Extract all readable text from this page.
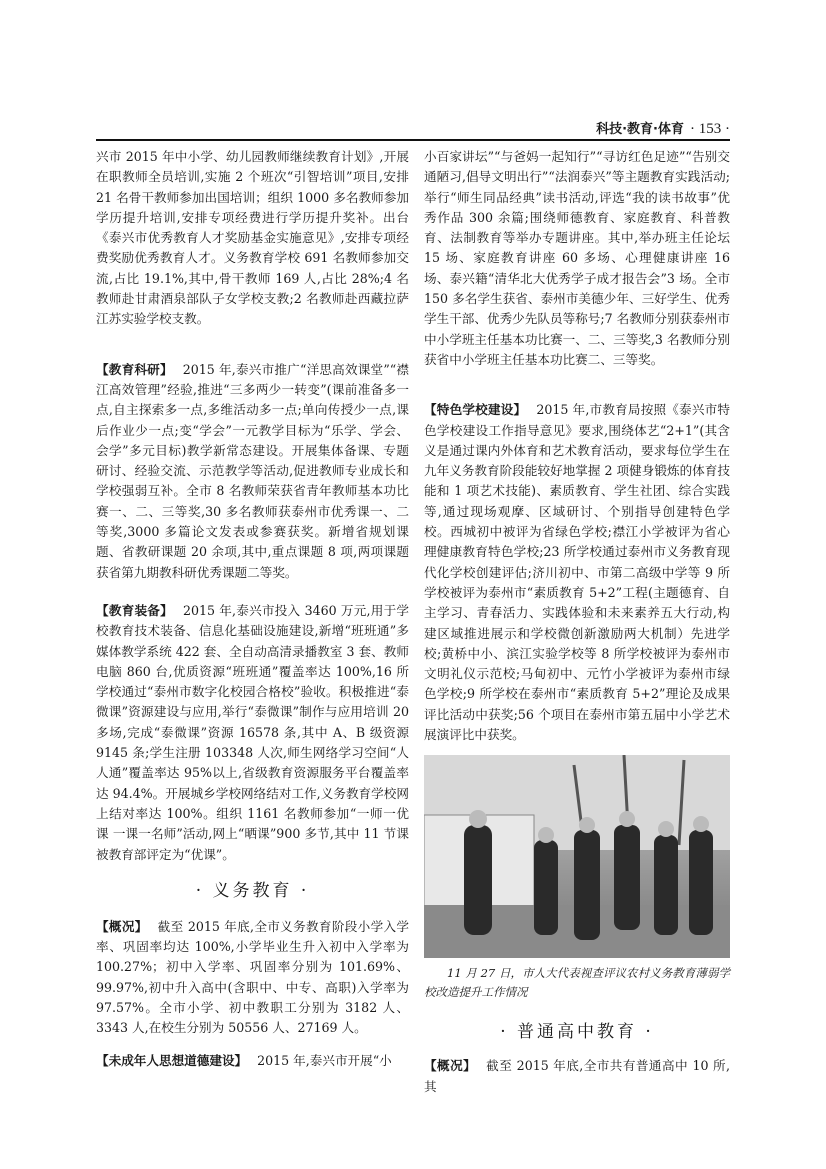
科技·教育·体育 · 153 ·

兴市 2015 年中小学、幼儿园教师继续教育计划》,开展在职教师全员培训,实施 2 个班次“引智培训”项目,安排 21 名骨干教师参加出国培训；组织 1000 多名教师参加学历提升培训,安排专项经费进行学历提升奖补。出台《泰兴市优秀教育人才奖励基金实施意见》,安排专项经费奖励优秀教育人才。义务教育学校 691 名教师参加交流,占比 19.1%,其中,骨干教师 169 人,占比 28%;4 名教师赴甘肃酒泉部队子女学校支教;2 名教师赴西藏拉萨江苏实验学校支教。

【教育科研】 2015 年,泰兴市推广“洋思高效课堂”“襟江高效管理”经验,推进“三多两少一转变”(课前准备多一点,自主探索多一点,多维活动多一点;单向传授少一点,课后作业少一点;变“学会”一元教学目标为“乐学、学会、会学”多元目标)教学新常态建设。开展集体备课、专题研讨、经验交流、示范教学等活动,促进教师专业成长和学校强弱互补。全市 8 名教师荣获省青年教师基本功比赛一、二、三等奖,30 多名教师获泰州市优秀课一、二等奖,3000 多篇论文发表或参赛获奖。新增省规划课题、省教研课题 20 余项,其中,重点课题 8 项,两项课题获省第九期教科研优秀课题二等奖。

【教育装备】 2015 年,泰兴市投入 3460 万元,用于学校教育技术装备、信息化基础设施建设,新增“班班通”多媒体教学系统 422 套、全自动高清录播教室 3 套、教师电脑 860 台,优质资源“班班通”覆盖率达 100%,16 所学校通过“泰州市数字化校园合格校”验收。积极推进“泰微课”资源建设与应用,举行“泰微课”制作与应用培训 20 多场,完成“泰微课”资源 16578 条,其中 A、B 级资源 9145 条;学生注册 103348 人次,师生网络学习空间“人人通”覆盖率达 95%以上,省级教育资源服务平台覆盖率达 94.4%。开展城乡学校网络结对工作,义务教育学校网上结对率达 100%。组织 1161 名教师参加“一师一优课 一课一名师”活动,网上“晒课”900 多节,其中 11 节课被教育部评定为“优课”。

· 义务教育 ·

【概况】 截至 2015 年底,全市义务教育阶段小学入学率、巩固率均达 100%,小学毕业生升入初中入学率为 100.27%；初中入学率、巩固率分别为 101.69%、99.97%,初中升入高中(含职中、中专、高职)入学率为 97.57%。全市小学、初中教职工分别为 3182 人、3343 人,在校生分别为 50556 人、27169 人。

【未成年人思想道德建设】 2015 年,泰兴市开展“小

小百家讲坛”“与爸妈一起知行”“寻访红色足迹”“告别交通陋习,倡导文明出行”“法润泰兴”等主题教育实践活动;举行“师生同品经典”读书活动,评选“我的读书故事”优秀作品 300 余篇;围绕师德教育、家庭教育、科普教育、法制教育等举办专题讲座。其中,举办班主任论坛 15 场、家庭教育讲座 60 多场、心理健康讲座 16 场、泰兴籍“清华北大优秀学子成才报告会”3 场。全市 150 多名学生获省、泰州市美德少年、三好学生、优秀学生干部、优秀少先队员等称号;7 名教师分别获泰州市中小学班主任基本功比赛一、二、三等奖,3 名教师分别获省中小学班主任基本功比赛二、三等奖。

【特色学校建设】 2015 年,市教育局按照《泰兴市特色学校建设工作指导意见》要求,围绕体艺“2+1”(其含义是通过课内外体育和艺术教育活动，要求每位学生在九年义务教育阶段能较好地掌握 2 项健身锻炼的体育技能和 1 项艺术技能)、素质教育、学生社团、综合实践等,通过现场观摩、区域研讨、个别指导创建特色学校。西城初中被评为省绿色学校;襟江小学被评为省心理健康教育特色学校;23 所学校通过泰州市义务教育现代化学校创建评估;济川初中、市第二高级中学等 9 所学校被评为泰州市“素质教育 5+2”工程(主题德育、自主学习、青春活力、实践体验和未来素养五大行动,构建区域推进展示和学校微创新激励两大机制）先进学校;黄桥中小、滨江实验学校等 8 所学校被评为泰州市文明礼仪示范校;马甸初中、元竹小学被评为泰州市绿色学校;9 所学校在泰州市“素质教育 5+2”理论及成果评比活动中获奖;56 个项目在泰州市第五届中小学艺术展演评比中获奖。

11 月 27 日，市人大代表视查评议农村义务教育薄弱学校改造提升工作情况
· 普通高中教育 ·

【概况】 截至 2015 年底,全市共有普通高中 10 所,其
